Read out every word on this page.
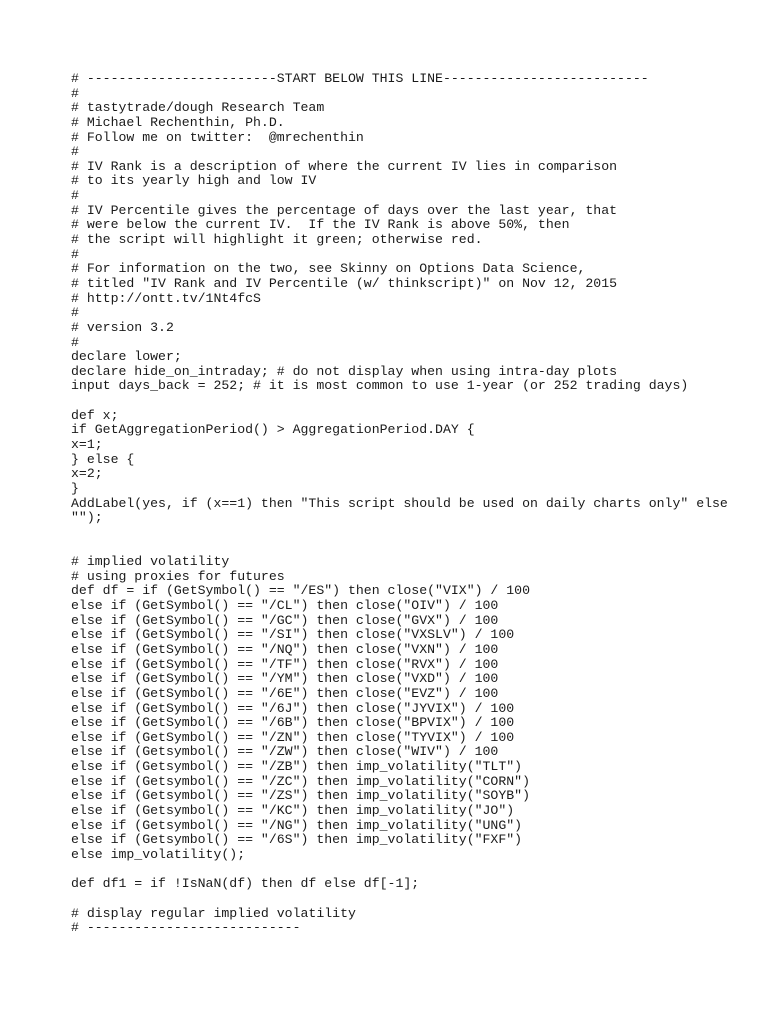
# ------------------------START BELOW THIS LINE--------------------------
#
# tastytrade/dough Research Team
# Michael Rechenthin, Ph.D.
# Follow me on twitter:  @mrechenthin
#
# IV Rank is a description of where the current IV lies in comparison
# to its yearly high and low IV
#
# IV Percentile gives the percentage of days over the last year, that
# were below the current IV.  If the IV Rank is above 50%, then
# the script will highlight it green; otherwise red.
#
# For information on the two, see Skinny on Options Data Science,
# titled "IV Rank and IV Percentile (w/ thinkscript)" on Nov 12, 2015
# http://ontt.tv/1Nt4fcS
#
# version 3.2
#
declare lower;
declare hide_on_intraday; # do not display when using intra-day plots
input days_back = 252; # it is most common to use 1-year (or 252 trading days)
def x;
if GetAggregationPeriod() > AggregationPeriod.DAY {
x=1;
} else {
x=2;
}
AddLabel(yes, if (x==1) then "This script should be used on daily charts only" else
"");
# implied volatility
# using proxies for futures
def df = if (GetSymbol() == "/ES") then close("VIX") / 100
else if (GetSymbol() == "/CL") then close("OIV") / 100
else if (GetSymbol() == "/GC") then close("GVX") / 100
else if (GetSymbol() == "/SI") then close("VXSLV") / 100
else if (GetSymbol() == "/NQ") then close("VXN") / 100
else if (GetSymbol() == "/TF") then close("RVX") / 100
else if (GetSymbol() == "/YM") then close("VXD") / 100
else if (GetSymbol() == "/6E") then close("EVZ") / 100
else if (GetSymbol() == "/6J") then close("JYVIX") / 100
else if (GetSymbol() == "/6B") then close("BPVIX") / 100
else if (GetSymbol() == "/ZN") then close("TYVIX") / 100
else if (Getsymbol() == "/ZW") then close("WIV") / 100
else if (Getsymbol() == "/ZB") then imp_volatility("TLT")
else if (Getsymbol() == "/ZC") then imp_volatility("CORN")
else if (Getsymbol() == "/ZS") then imp_volatility("SOYB")
else if (Getsymbol() == "/KC") then imp_volatility("JO")
else if (Getsymbol() == "/NG") then imp_volatility("UNG")
else if (Getsymbol() == "/6S") then imp_volatility("FXF")
else imp_volatility();
def df1 = if !IsNaN(df) then df else df[-1];
# display regular implied volatility
# ---------------------------
